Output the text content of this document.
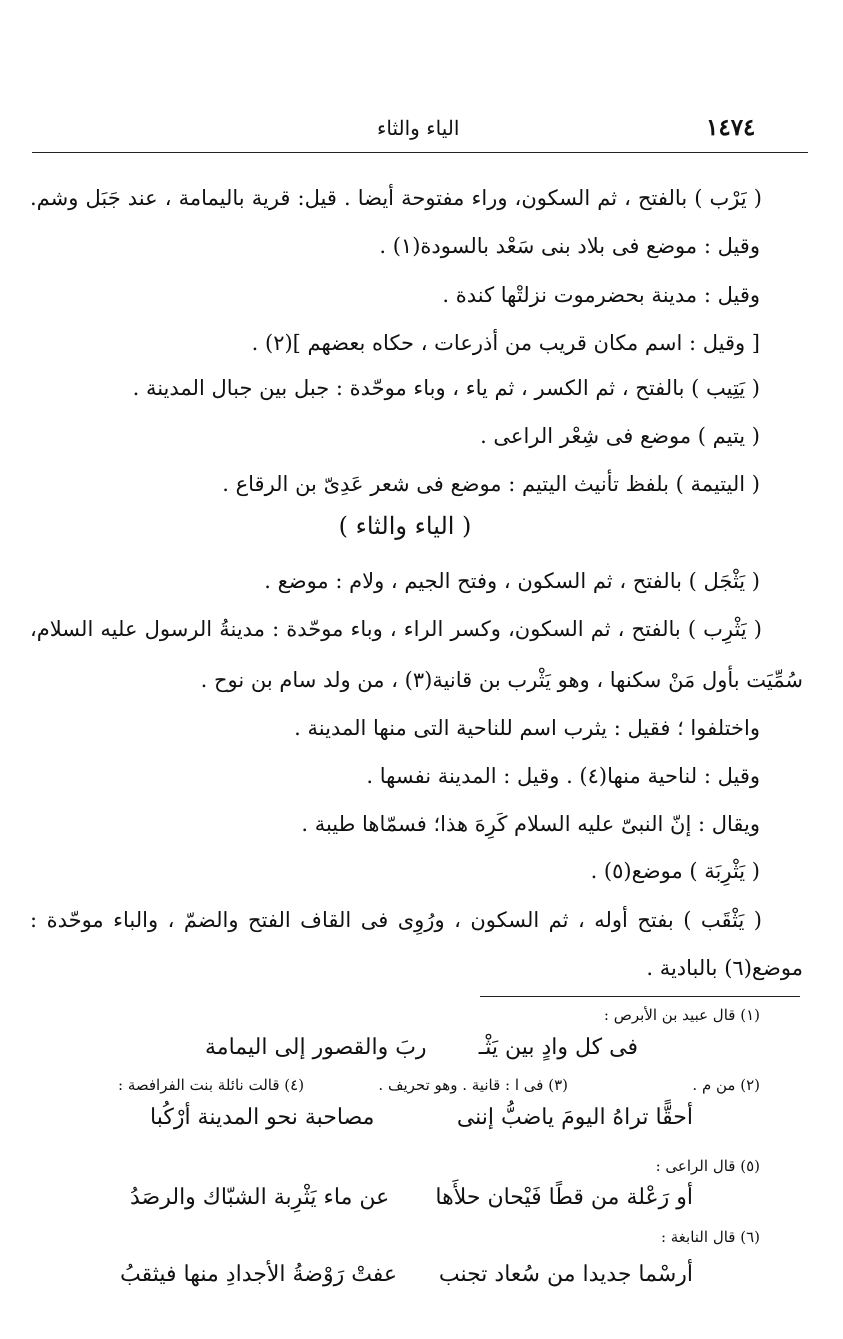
١٤٧٤
الياء والثاء
( يَرْب ) بالفتح ، ثم السكون، وراء مفتوحة أيضا . قيل: قرية باليمامة ، عند جَبَل وشم.
وقيل : موضع فى بلاد بنى سَعْد بالسودة(١) .
وقيل : مدينة بحضرموت نزلتْها كندة .
[ وقيل : اسم مكان قريب من أذرعات ، حكاه بعضهم ](٢) .
( يَتِيب ) بالفتح ، ثم الكسر ، ثم ياء ، وباء موحّدة : جبل بين جبال المدينة .
( يتيم ) موضع فى شِعْر الراعى .
( اليتيمة ) بلفظ تأنيث اليتيم : موضع فى شعر عَدِىّ بن الرقاع .
( الياء والثاء )
( يَثْجَل ) بالفتح ، ثم السكون ، وفتح الجيم ، ولام : موضع .
( يَثْرِب ) بالفتح ، ثم السكون، وكسر الراء ، وباء موحّدة : مدينةُ الرسول عليه السلام،
سُمِّيَت بأول مَنْ سكنها ، وهو يَثْرب بن قانية(٣) ، من ولد سام بن نوح .
واختلفوا ؛ فقيل : يثرب اسم للناحية التى منها المدينة .
وقيل : لناحية منها(٤) . وقيل : المدينة نفسها .
ويقال : إنّ النبىّ عليه السلام كَرِهَ هذا؛ فسمّاها طيبة .
( يَثْرِبَة ) موضع(٥) .
( يَثْقَب ) بفتح أوله ، ثم السكون ، ورُوِى فى القاف الفتح والضمّ ، والباء موحّدة :
موضع(٦) بالبادية .
(١) قال عبيد بن الأبرص :
فى كل وادٍ بين يَثْـ
ربَ والقصور إلى اليمامة
(٢) من م .
(٣) فى ا : قانية . وهو تحريف .
(٤) قالت نائلة بنت الفرافصة :
أحقًّا تراهُ اليومَ ياضبُّ إننى
مصاحبة نحو المدينة أرْكُبا
(٥) قال الراعى :
أو رَعْلة من قطًا فَيْحان حلأَها
عن ماء يَثْرِبة الشبّاك والرصَدُ
(٦) قال النابغة :
أرسْما جديدا من سُعاد تجنب
عفتْ رَوْضةُ الأجدادِ منها فيثقبُ
